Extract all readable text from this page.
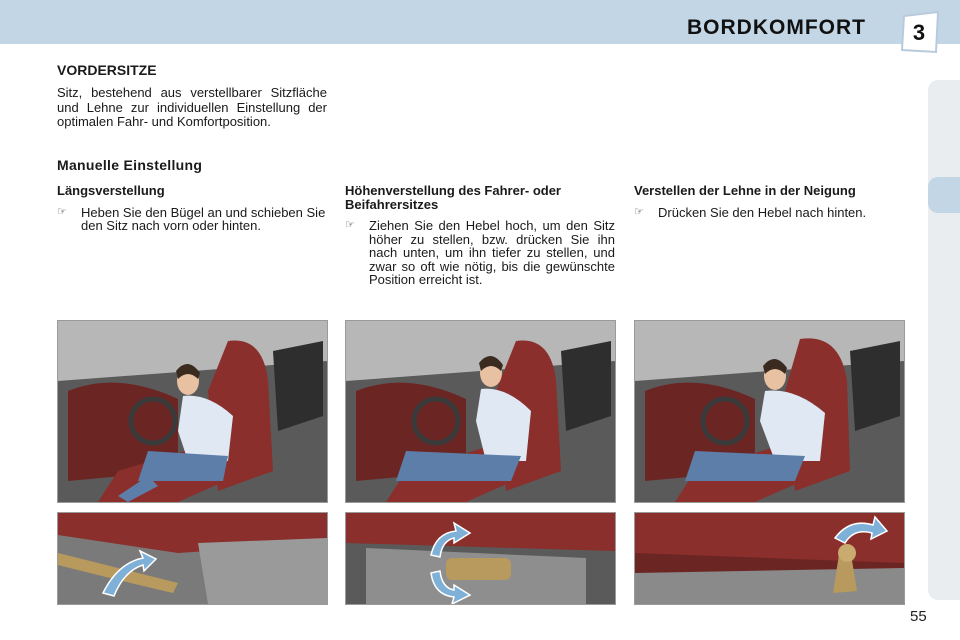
BORDKOMFORT 3
VORDERSITZE
Sitz, bestehend aus verstellbarer Sitzfläche und Lehne zur individuellen Einstellung der optimalen Fahr- und Komfortposition.
Manuelle Einstellung
Längsverstellung
☞ Heben Sie den Bügel an und schieben Sie den Sitz nach vorn oder hinten.
Höhenverstellung des Fahrer- oder Beifahrersitzes
☞ Ziehen Sie den Hebel hoch, um den Sitz höher zu stellen, bzw. drücken Sie ihn nach unten, um ihn tiefer zu stellen, und zwar so oft wie nötig, bis die gewünschte Position erreicht ist.
Verstellen der Lehne in der Neigung
☞ Drücken Sie den Hebel nach hinten.
55
